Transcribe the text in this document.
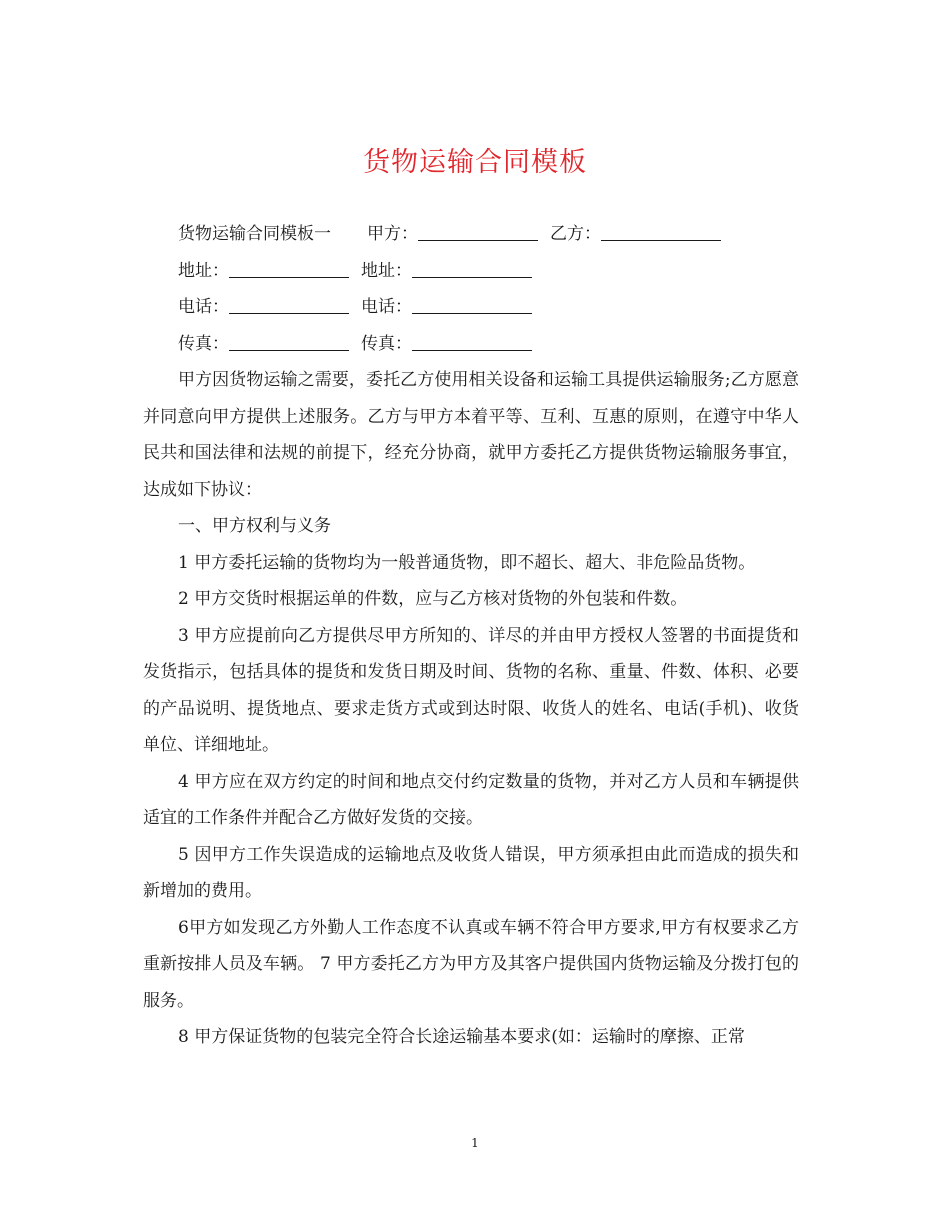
货物运输合同模板
货物运输合同模板一 甲方：	乙方：
地址：	地址：
电话：	电话：
传真：	传真：

甲方因货物运输之需要，委托乙方使用相关设备和运输工具提供运输服务;乙方愿意并同意向甲方提供上述服务。乙方与甲方本着平等、互利、互惠的原则，在遵守中华人民共和国法律和法规的前提下，经充分协商，就甲方委托乙方提供货物运输服务事宜，达成如下协议：

一、甲方权利与义务

1 甲方委托运输的货物均为一般普通货物，即不超长、超大、非危险品货物。

2 甲方交货时根据运单的件数，应与乙方核对货物的外包装和件数。

3 甲方应提前向乙方提供尽甲方所知的、详尽的并由甲方授权人签署的书面提货和发货指示，包括具体的提货和发货日期及时间、货物的名称、重量、件数、体积、必要的产品说明、提货地点、要求走货方式或到达时限、收货人的姓名、电话(手机)、收货单位、详细地址。

4 甲方应在双方约定的时间和地点交付约定数量的货物，并对乙方人员和车辆提供适宜的工作条件并配合乙方做好发货的交接。

5 因甲方工作失误造成的运输地点及收货人错误，甲方须承担由此而造成的损失和新增加的费用。

6甲方如发现乙方外勤人工作态度不认真或车辆不符合甲方要求,甲方有权要求乙方重新按排人员及车辆。 7 甲方委托乙方为甲方及其客户提供国内货物运输及分拨打包的服务。

8 甲方保证货物的包装完全符合长途运输基本要求(如：运输时的摩擦、正常

1
